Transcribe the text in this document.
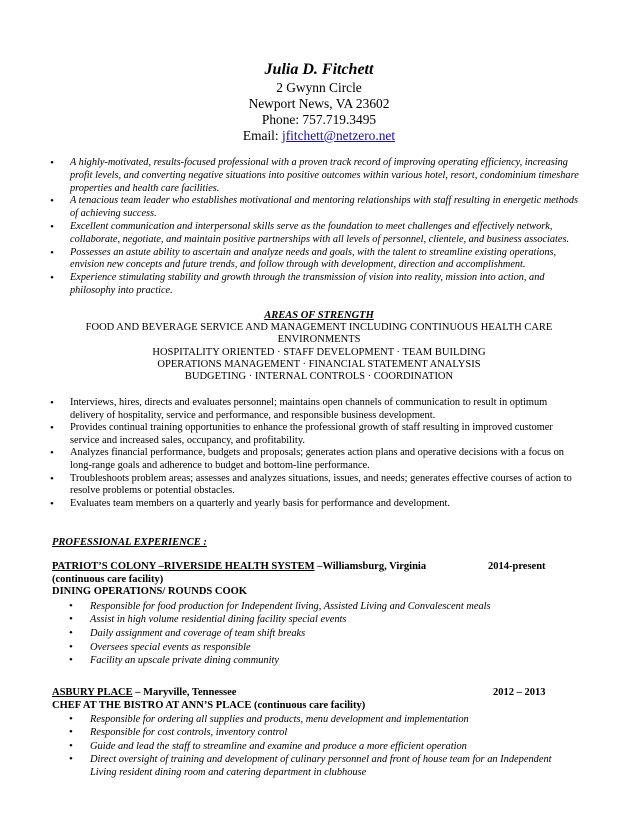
Julia D. Fitchett
2 Gwynn Circle
Newport News, VA 23602
Phone: 757.719.3495
Email: jfitchett@netzero.net
• A highly-motivated, results-focused professional with a proven track record of improving operating efficiency, increasing profit levels, and converting negative situations into positive outcomes within various hotel, resort, condominium timeshare properties and health care facilities.
• A tenacious team leader who establishes motivational and mentoring relationships with staff resulting in energetic methods of achieving success.
• Excellent communication and interpersonal skills serve as the foundation to meet challenges and effectively network, collaborate, negotiate, and maintain positive partnerships with all levels of personnel, clientele, and business associates.
• Possesses an astute ability to ascertain and analyze needs and goals, with the talent to streamline existing operations, envision new concepts and future trends, and follow through with development, direction and accomplishment.
• Experience stimulating stability and growth through the transmission of vision into reality, mission into action, and philosophy into practice.
AREAS OF STRENGTH
FOOD AND BEVERAGE SERVICE AND MANAGEMENT INCLUDING CONTINUOUS HEALTH CARE
ENVIRONMENTS
HOSPITALITY ORIENTED · STAFF DEVELOPMENT · TEAM BUILDING
OPERATIONS MANAGEMENT · FINANCIAL STATEMENT ANALYSIS
BUDGETING · INTERNAL CONTROLS · COORDINATION
• Interviews, hires, directs and evaluates personnel; maintains open channels of communication to result in optimum delivery of hospitality, service and performance, and responsible business development.
• Provides continual training opportunities to enhance the professional growth of staff resulting in improved customer service and increased sales, occupancy, and profitability.
• Analyzes financial performance, budgets and proposals; generates action plans and operative decisions with a focus on long-range goals and adherence to budget and bottom-line performance.
• Troubleshoots problem areas; assesses and analyzes situations, issues, and needs; generates effective courses of action to resolve problems or potential obstacles.
• Evaluates team members on a quarterly and yearly basis for performance and development.
PROFESSIONAL EXPERIENCE :
PATRIOT’S COLONY –RIVERSIDE HEALTH SYSTEM –Williamsburg, Virginia	2014-present
(continuous care facility)
DINING OPERATIONS/ ROUNDS COOK
• Responsible for food production for Independent living, Assisted Living and Convalescent meals
• Assist in high volume residential dining facility special events
• Daily assignment and coverage of team shift breaks
• Oversees special events as responsible
• Facility an upscale private dining community
ASBURY PLACE – Maryville, Tennessee	2012 – 2013
CHEF AT THE BISTRO AT ANN’S PLACE (continuous care facility)
• Responsible for ordering all supplies and products, menu development and implementation
• Responsible for cost controls, inventory control
• Guide and lead the staff to streamline and examine and produce a more efficient operation
• Direct oversight of training and development of culinary personnel and front of house team for an Independent Living resident dining room and catering department in clubhouse
